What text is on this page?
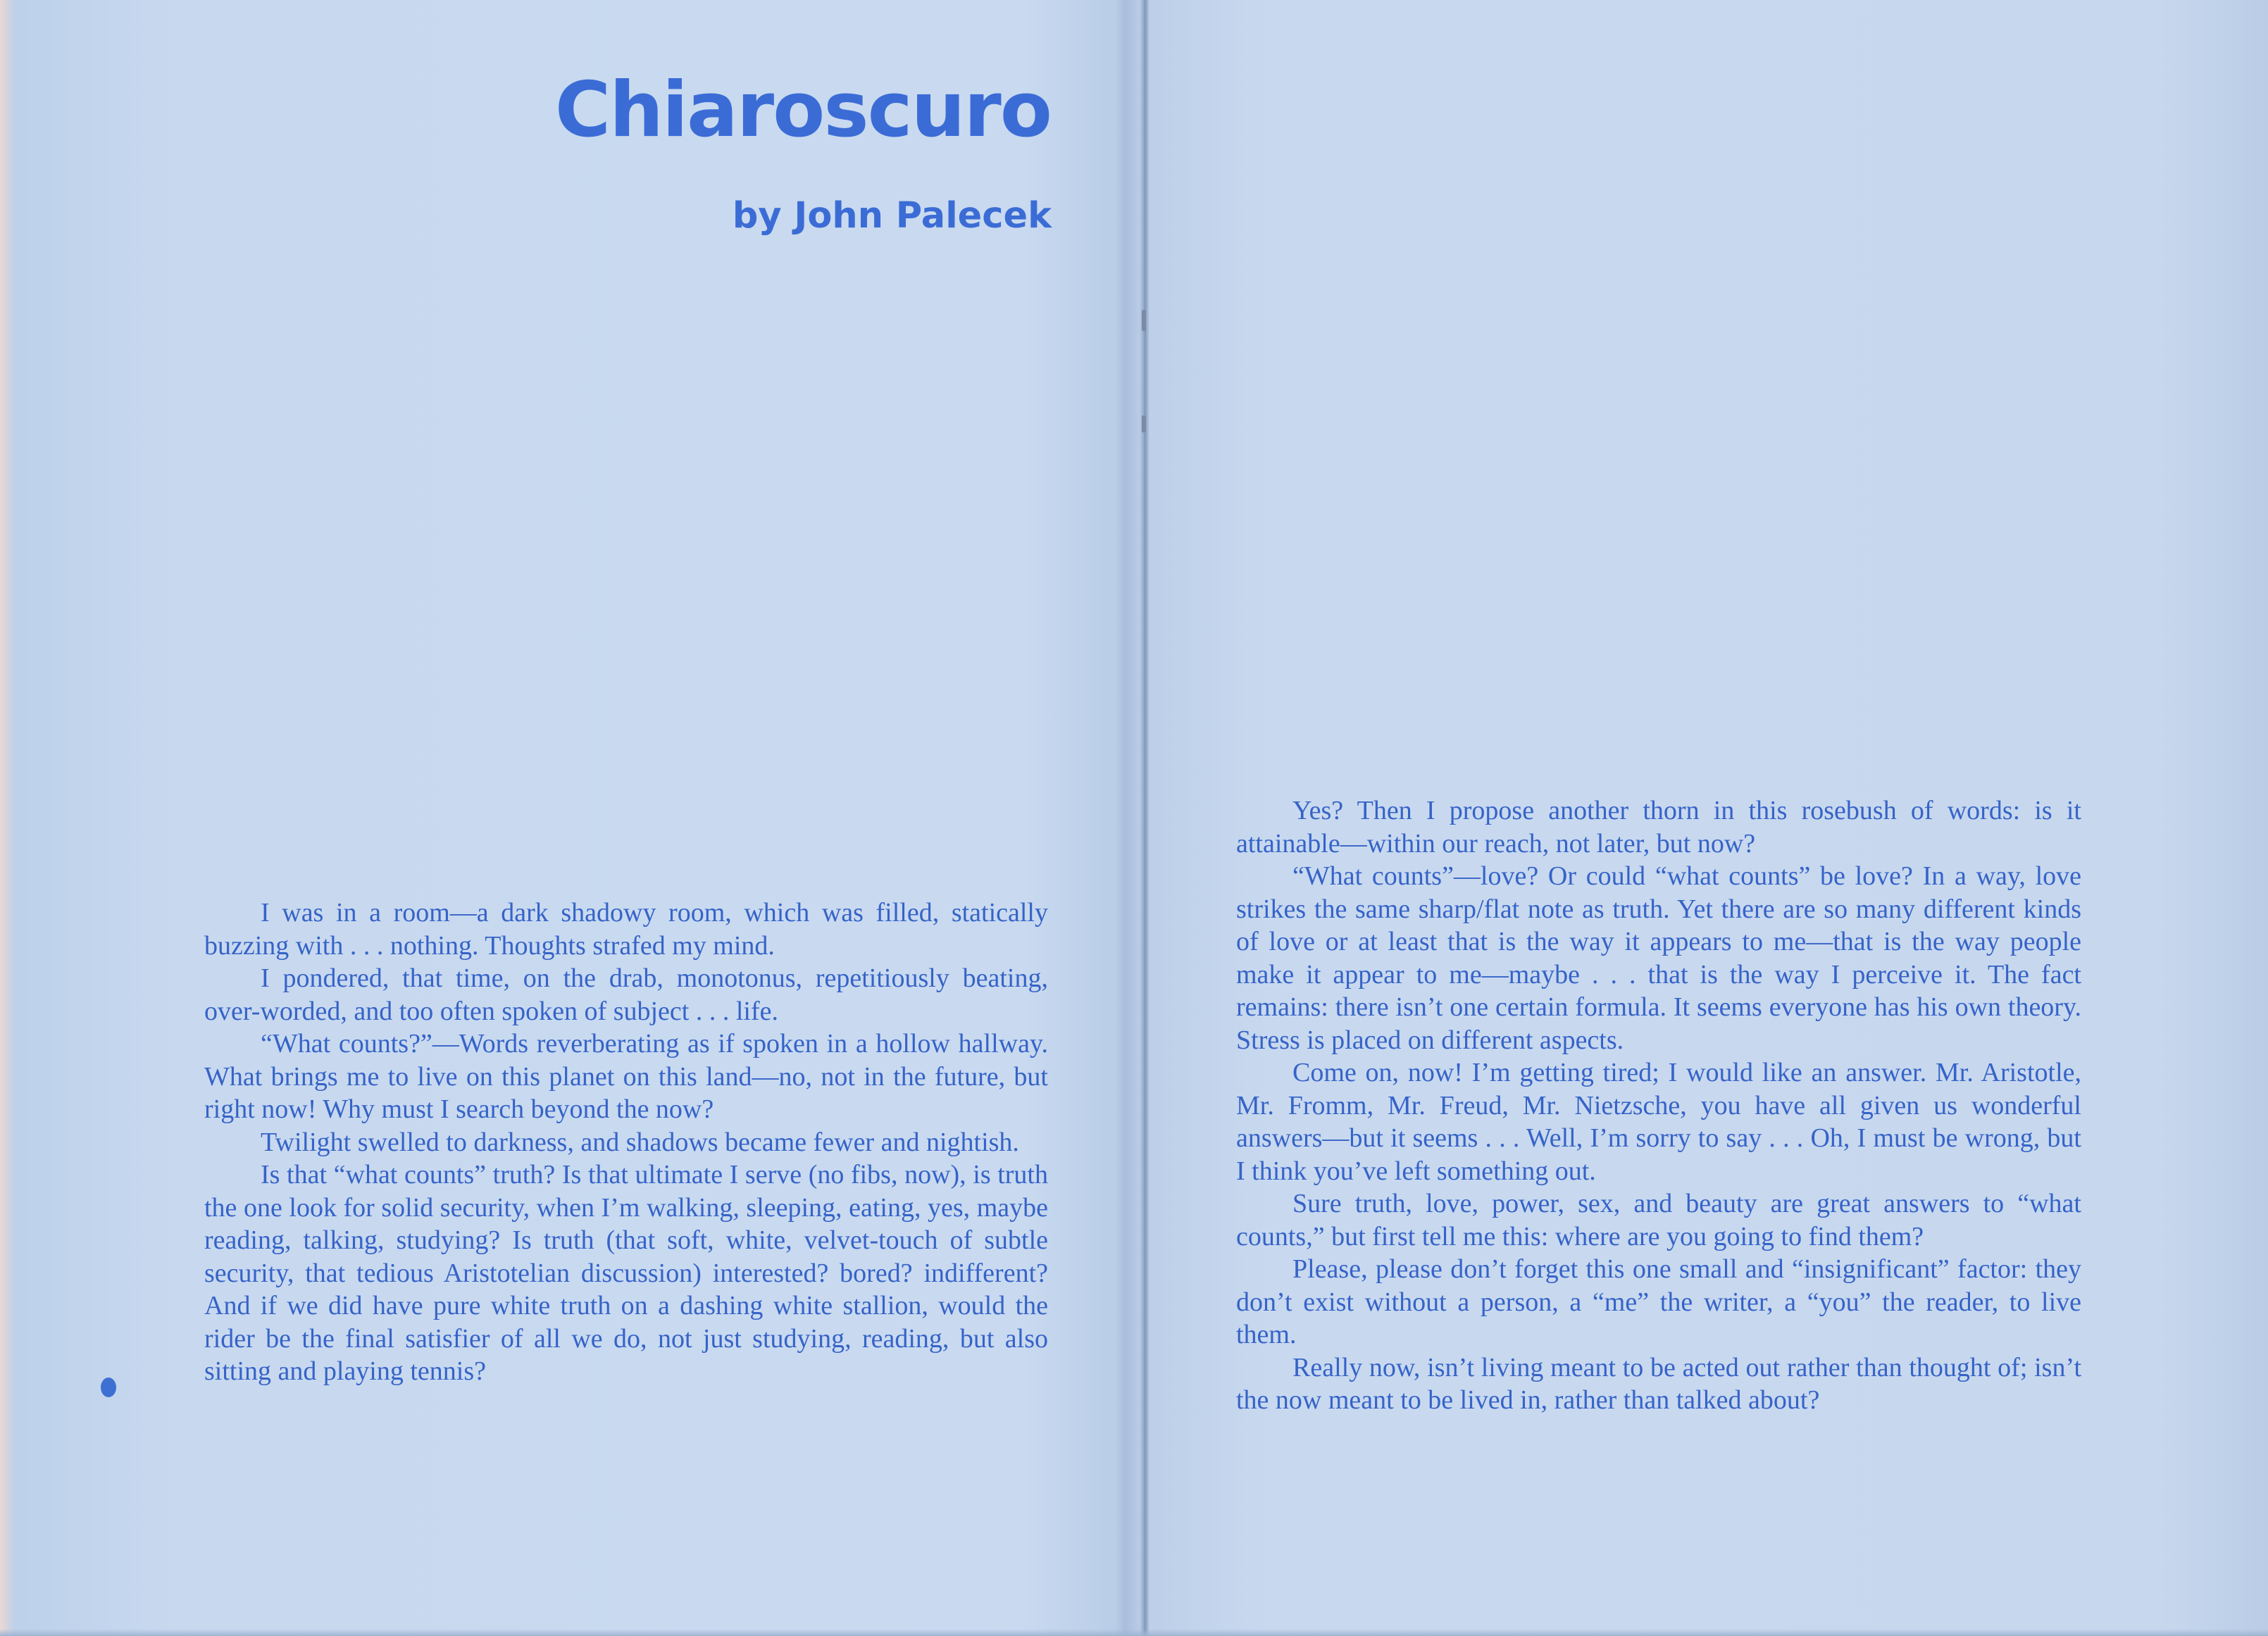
Chiaroscuro
by John Palecek

I was in a room—a dark shadowy room, which was filled, statically buzzing with . . . nothing. Thoughts strafed my mind.

I pondered, that time, on the drab, monotonus, repetitiously beating, over-worded, and too often spoken of subject . . . life.

“What counts?”—Words reverberating as if spoken in a hollow hallway. What brings me to live on this planet on this land—no, not in the future, but right now! Why must I search beyond the now?

Twilight swelled to darkness, and shadows became fewer and nightish.

Is that “what counts” truth? Is that ultimate I serve (no fibs, now), is truth the one look for solid security, when I’m walking, sleeping, eating, yes, maybe reading, talking, studying? Is truth (that soft, white, velvet-touch of subtle security, that tedious Aristotelian discussion) interested? bored? indifferent? And if we did have pure white truth on a dashing white stallion, would the rider be the final satisfier of all we do, not just studying, reading, but also sitting and playing tennis?

Yes? Then I propose another thorn in this rosebush of words: is it attainable—within our reach, not later, but now?

“What counts”—love? Or could “what counts” be love? In a way, love strikes the same sharp/flat note as truth. Yet there are so many different kinds of love or at least that is the way it appears to me—that is the way people make it appear to me—maybe . . . that is the way I perceive it. The fact remains: there isn’t one certain formula. It seems everyone has his own theory. Stress is placed on different aspects.

Come on, now! I’m getting tired; I would like an answer. Mr. Aristotle, Mr. Fromm, Mr. Freud, Mr. Nietzsche, you have all given us wonderful answers—but it seems . . . Well, I’m sorry to say . . . Oh, I must be wrong, but I think you’ve left something out.

Sure truth, love, power, sex, and beauty are great answers to “what counts,” but first tell me this: where are you going to find them?

Please, please don’t forget this one small and “insignificant” factor: they don’t exist without a person, a “me” the writer, a “you” the reader, to live them.

Really now, isn’t living meant to be acted out rather than thought of; isn’t the now meant to be lived in, rather than talked about?
